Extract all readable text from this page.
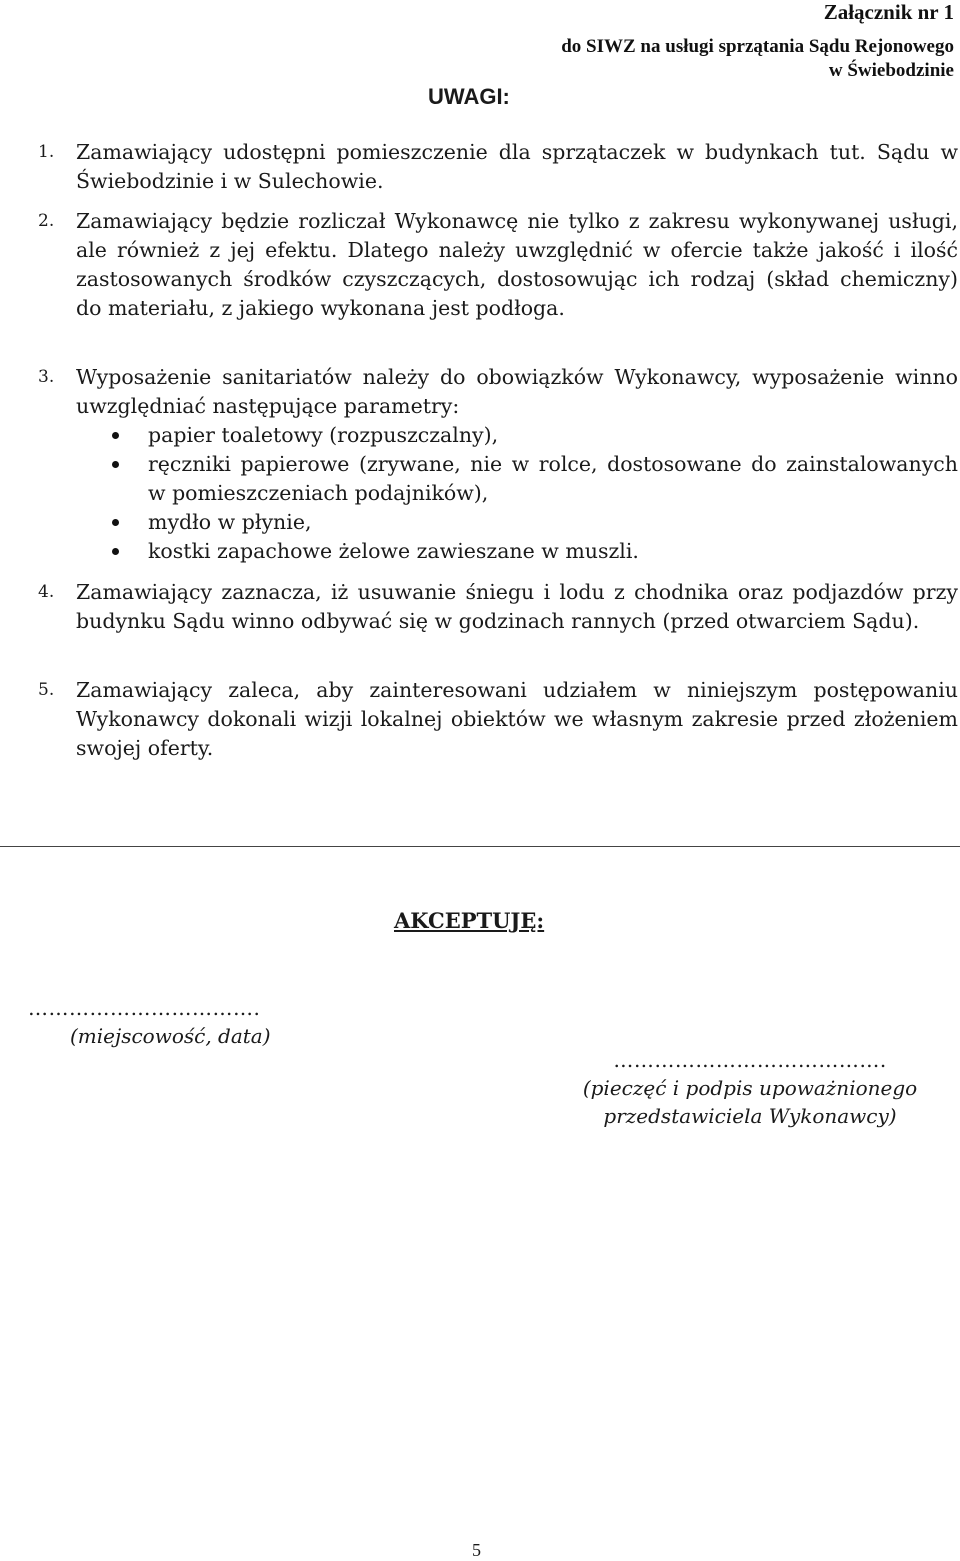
Załącznik nr 1
do SIWZ na usługi sprzątania Sądu Rejonowego
w Świebodzinie
UWAGI:
1.	Zamawiający udostępni pomieszczenie dla sprzątaczek w budynkach tut. Sądu w Świebodzinie i w Sulechowie.

2.	Zamawiający będzie rozliczał Wykonawcę nie tylko z zakresu wykonywanej usługi, ale również z jej efektu. Dlatego należy uwzględnić w ofercie także jakość i ilość zastosowanych środków czyszczących, dostosowując ich rodzaj (skład chemiczny) do materiału, z jakiego wykonana jest podłoga.

3.	Wyposażenie sanitariatów należy do obowiązków Wykonawcy, wyposażenie winno uwzględniać następujące parametry:

papier toaletowy (rozpuszczalny),
ręczniki papierowe (zrywane, nie w rolce, dostosowane do zainstalowanych w pomieszczeniach podajników),
mydło w płynie,
kostki zapachowe żelowe zawieszane w muszli.
4.	Zamawiający zaznacza, iż usuwanie śniegu i lodu z chodnika oraz podjazdów przy budynku Sądu winno odbywać się w godzinach rannych (przed otwarciem Sądu).

5.	Zamawiający zaleca, aby zainteresowani udziałem w niniejszym postępowaniu Wykonawcy dokonali wizji lokalnej obiektów we własnym zakresie przed złożeniem swojej oferty.

AKCEPTUJĘ:
…………………………….
(miejscowość, data)
………………………………….
(pieczęć i podpis upoważnionego
przedstawiciela Wykonawcy)
5
